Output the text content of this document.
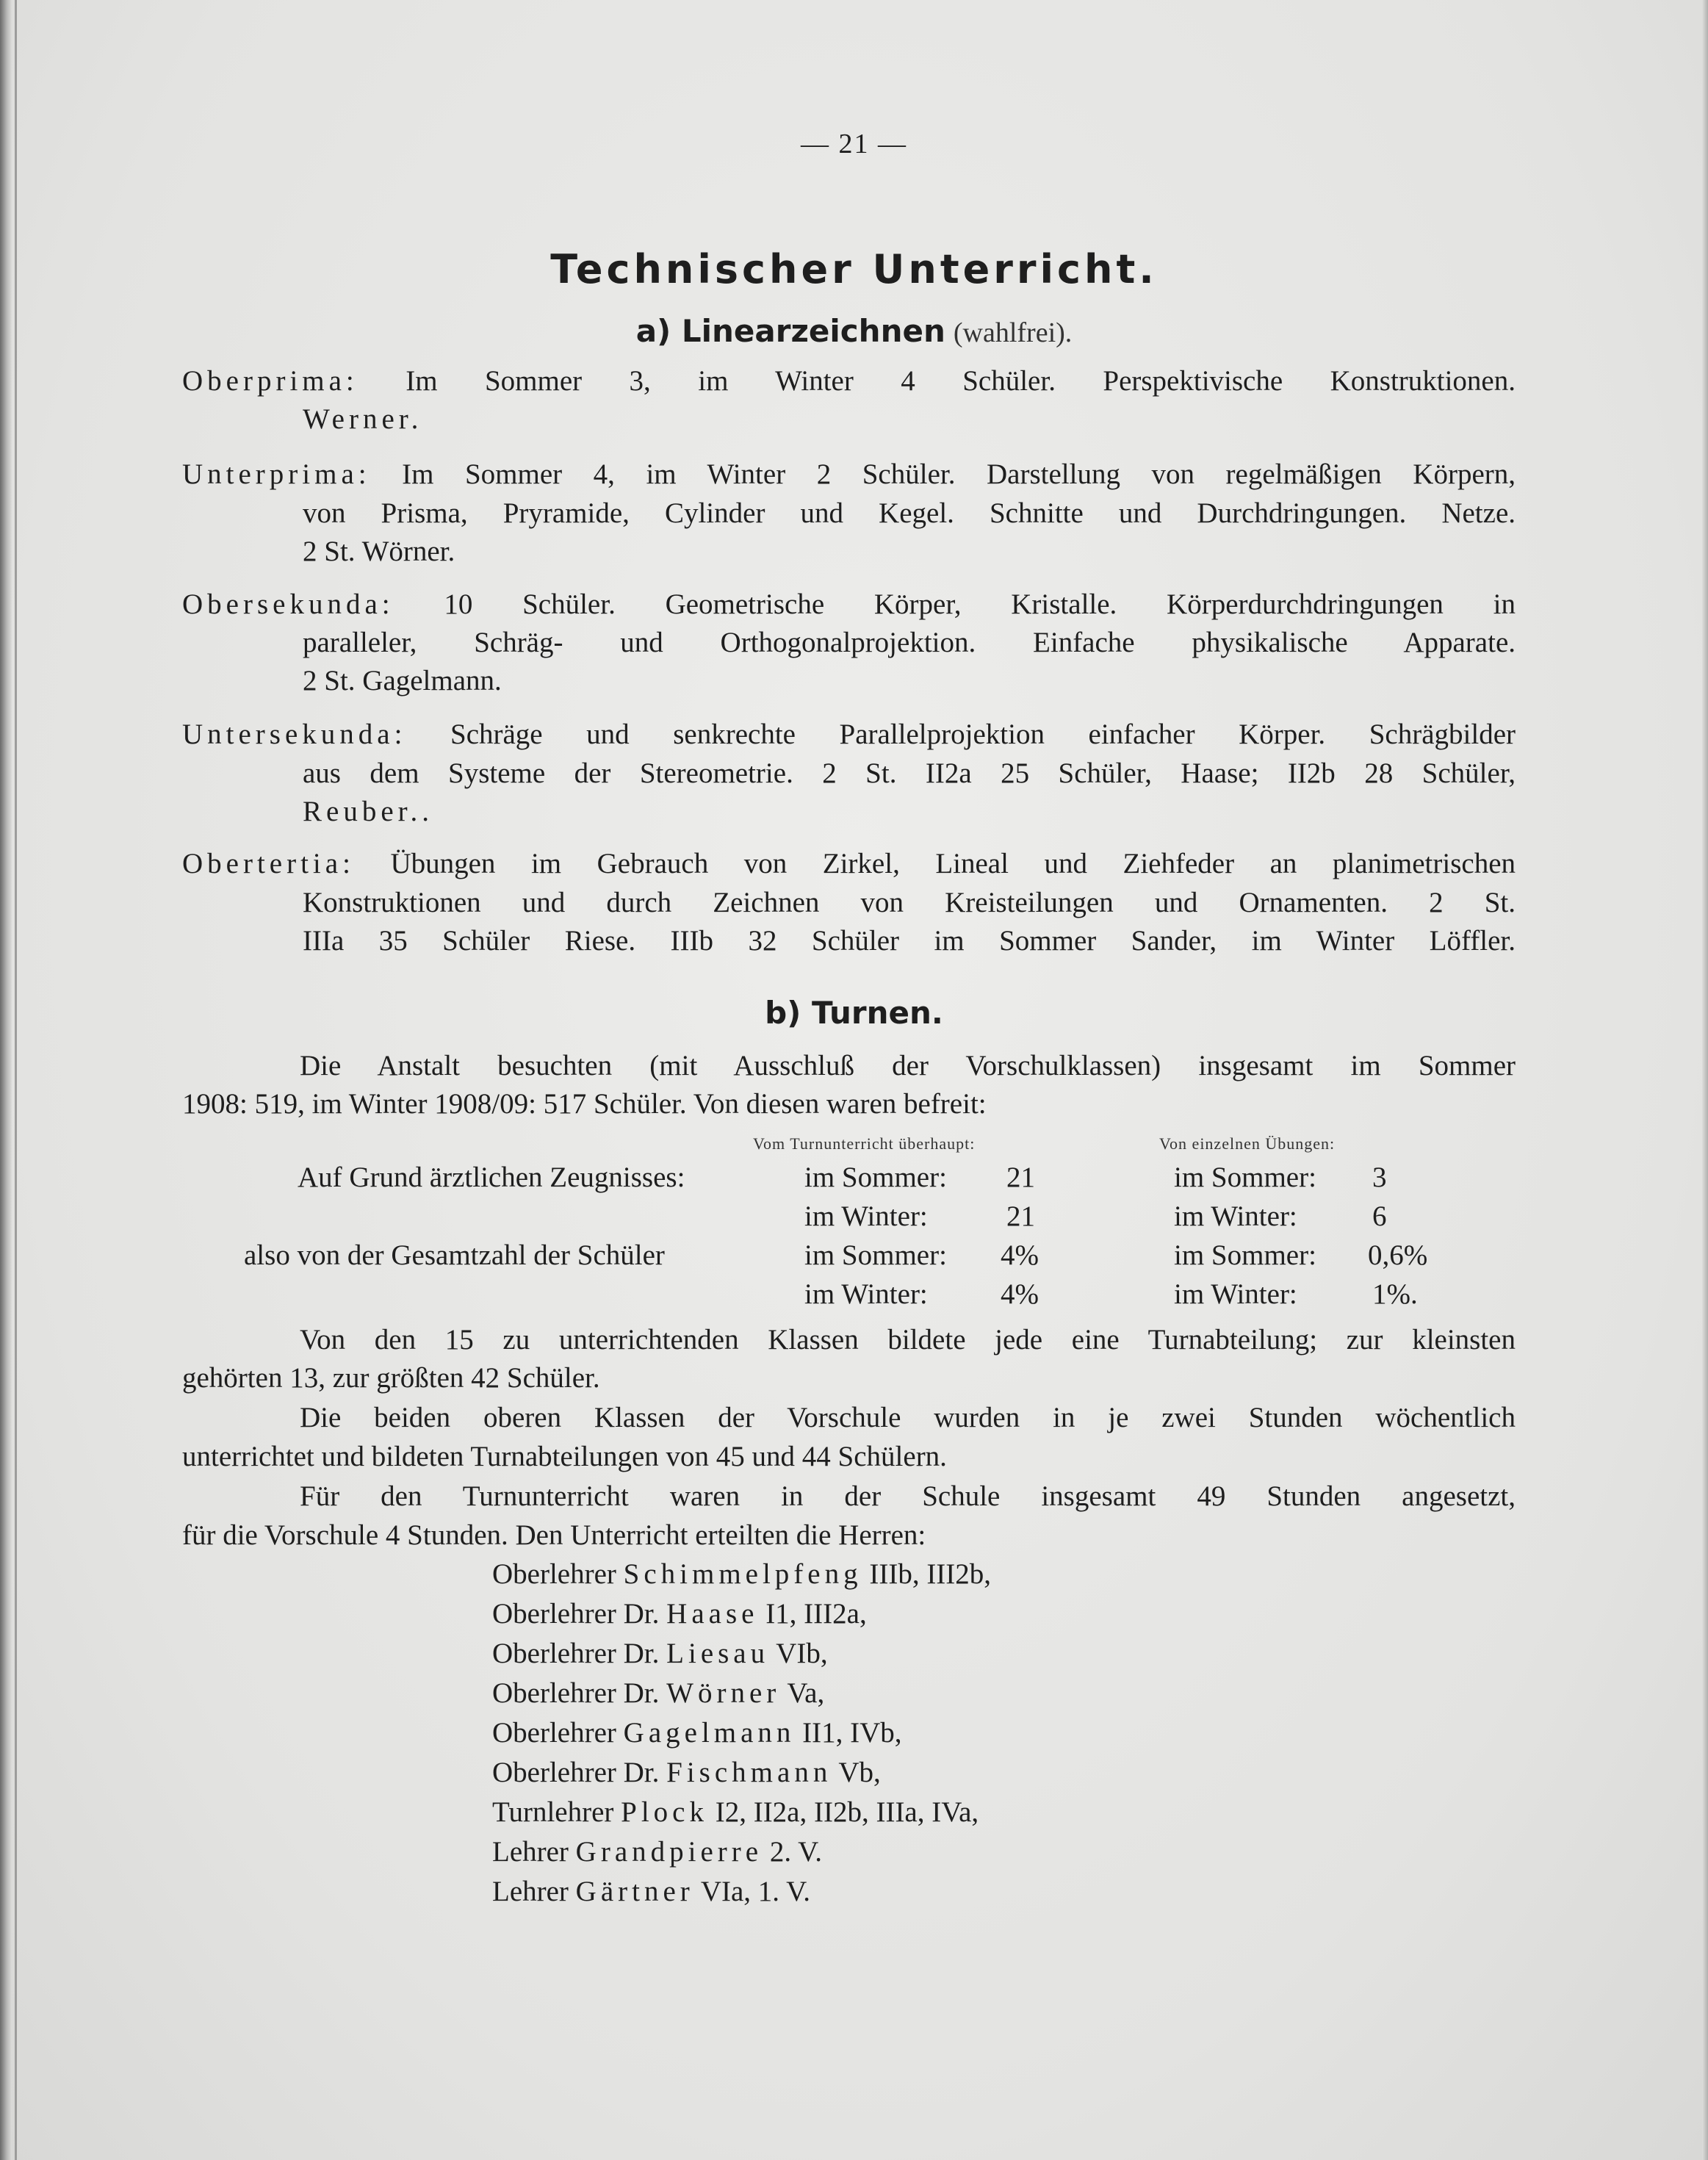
— 21 —
Technischer Unterricht.
a) Linearzeichnen (wahlfrei).
Oberprima: Im Sommer 3, im Winter 4 Schüler. Perspektivische Konstruktionen.
Werner.
Unterprima: Im Sommer 4, im Winter 2 Schüler. Darstellung von regelmäßigen Körpern,
von Prisma, Pryramide, Cylinder und Kegel. Schnitte und Durchdringungen. Netze.
2 St. Wörner.
Obersekunda: 10 Schüler. Geometrische Körper, Kristalle. Körperdurchdringungen in
paralleler, Schräg- und Orthogonalprojektion. Einfache physikalische Apparate.
2 St. Gagelmann.
Untersekunda: Schräge und senkrechte Parallelprojektion einfacher Körper. Schrägbilder
aus dem Systeme der Stereometrie. 2 St. II2a 25 Schüler, Haase; II2b 28 Schüler,
Reuber..
Obertertia: Übungen im Gebrauch von Zirkel, Lineal und Ziehfeder an planimetrischen
Konstruktionen und durch Zeichnen von Kreisteilungen und Ornamenten. 2 St.
IIIa 35 Schüler Riese. IIIb 32 Schüler im Sommer Sander, im Winter Löffler.
b) Turnen.
Die Anstalt besuchten (mit Ausschluß der Vorschulklassen) insgesamt im Sommer
1908: 519, im Winter 1908/09: 517 Schüler. Von diesen waren befreit:
Vom Turnunterricht überhaupt:	Von einzelnen Übungen:
Auf Grund ärztlichen Zeugnisses:	im Sommer: 21	im Sommer: 3
im Winter:	21	im Winter:	6
also von der Gesamtzahl der Schüler	im Sommer: 4%	im Sommer: 0,6%
im Winter:	4%	im Winter:	1%.
Von den 15 zu unterrichtenden Klassen bildete jede eine Turnabteilung; zur kleinsten
gehörten 13, zur größten 42 Schüler.
Die beiden oberen Klassen der Vorschule wurden in je zwei Stunden wöchentlich
unterrichtet und bildeten Turnabteilungen von 45 und 44 Schülern.
Für den Turnunterricht waren in der Schule insgesamt 49 Stunden angesetzt,
für die Vorschule 4 Stunden. Den Unterricht erteilten die Herren:
Oberlehrer Schimmelpfeng IIIb, III2b,
Oberlehrer Dr. Haase I1, III2a,
Oberlehrer Dr. Liesau VIb,
Oberlehrer Dr. Wörner Va,
Oberlehrer Gagelmann II1, IVb,
Oberlehrer Dr. Fischmann Vb,
Turnlehrer Plock I2, II2a, II2b, IIIa, IVa,
Lehrer Grandpierre 2. V.
Lehrer Gärtner VIa, 1. V.
